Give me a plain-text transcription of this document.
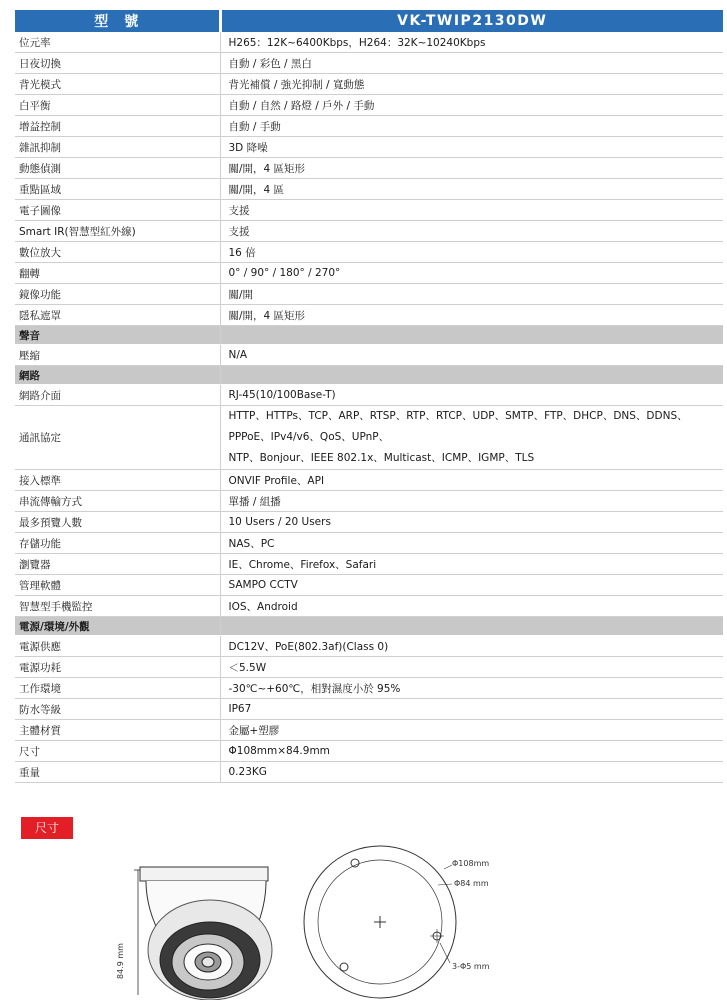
型　號	VK-TWIP2130DW
位元率	H265：12K~6400Kbps，H264：32K~10240Kbps
日夜切換	自動 / 彩色 / 黑白
背光模式	背光補償 / 強光抑制 / 寬動態
白平衡	自動 / 自然 / 路燈 / 戶外 / 手動
增益控制	自動 / 手動
雜訊抑制	3D 降噪
動態偵測	關/開，4 區矩形
重點區域	關/開，4 區
電子圖像	支援
Smart IR(智慧型紅外線)	支援
數位放大	16 倍
翻轉	0° / 90° / 180° / 270°
鏡像功能	關/開
隱私遮罩	關/開，4 區矩形
聲音	
壓縮	N/A
網路	
網路介面	RJ-45(10/100Base-T)
通訊協定	HTTP、HTTPs、TCP、ARP、RTSP、RTP、RTCP、UDP、SMTP、FTP、DHCP、DNS、DDNS、
PPPoE、IPv4/v6、QoS、UPnP、
NTP、Bonjour、IEEE 802.1x、Multicast、ICMP、IGMP、TLS

接入標準	ONVIF Profile、API
串流傳輸方式	單播 / 組播
最多預覽人數	10 Users / 20 Users
存儲功能	NAS、PC
瀏覽器	IE、Chrome、Firefox、Safari
管理軟體	SAMPO CCTV
智慧型手機監控	IOS、Android
電源/環境/外觀	
電源供應	DC12V、PoE(802.3af)(Class 0)
電源功耗	＜5.5W
工作環境	-30℃~+60℃，相對濕度小於 95%
防水等級	IP67
主體材質	金屬+塑膠
尺寸	Φ108mm×84.9mm
重量	0.23KG
尺寸
84.9 mm
Φ108mm
Φ84 mm
3-Φ5 mm
